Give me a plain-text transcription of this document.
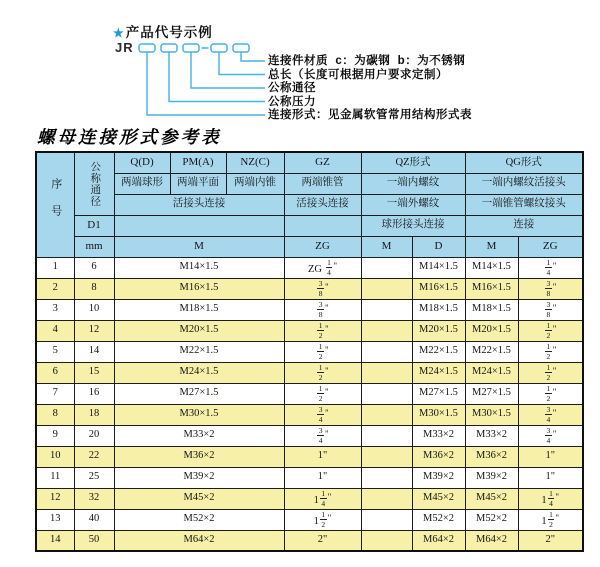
★产品代号示例
JR
连接件材质  c：为碳钢  b：为不锈钢
总长（长度可根据用户要求定制）
公称通径
公称压力
连接形式：见金属软管常用结构形式表
螺母连接形式参考表
序号	公称通径	Q(D)	PM(A)	NZ(C)	GZ	QZ形式		QG形式	
		两端球形	两端平面	两端内锥	两端锥管	一端内螺纹		一端内螺纹活接头	
		活接头连接			活接头连接	一端外螺纹		一端锥管螺纹接头	
	D1					球形接头连接		连接	
	mm	M			ZG	M	D	M	ZG
1	6	M14×1.5			ZG $\frac{1}{4}$ "		M14×1.5	M14×1.5	$\frac{1}{4}$ "
2	8	M16×1.5			$\frac{3}{8}$ "		M16×1.5	M16×1.5	$\frac{3}{8}$ "
3	10	M18×1.5			$\frac{3}{8}$ "		M18×1.5	M18×1.5	$\frac{3}{8}$ "
4	12	M20×1.5			$\frac{1}{2}$ "		M20×1.5	M20×1.5	$\frac{1}{2}$ "
5	14	M22×1.5			$\frac{1}{2}$ "		M22×1.5	M22×1.5	$\frac{1}{2}$ "
6	15	M24×1.5			$\frac{1}{2}$ "		M24×1.5	M24×1.5	$\frac{1}{2}$ "
7	16	M27×1.5			$\frac{1}{2}$ "		M27×1.5	M27×1.5	$\frac{1}{2}$ "
8	18	M30×1.5			$\frac{3}{4}$ "		M30×1.5	M30×1.5	$\frac{3}{4}$ "
9	20	M33×2			$\frac{3}{4}$ "		M33×2	M33×2	$\frac{3}{4}$ "
10	22	M36×2			1"		M36×2	M36×2	1"
11	25	M39×2			1"		M39×2	M39×2	1"
12	32	M45×2			$1 \frac{1}{4}$ "		M45×2	M45×2	$1 \frac{1}{4}$ "
13	40	M52×2			$1 \frac{1}{2}$ "		M52×2	M52×2	$1 \frac{1}{2}$ "
14	50	M64×2			2"		M64×2	M64×2	2"
